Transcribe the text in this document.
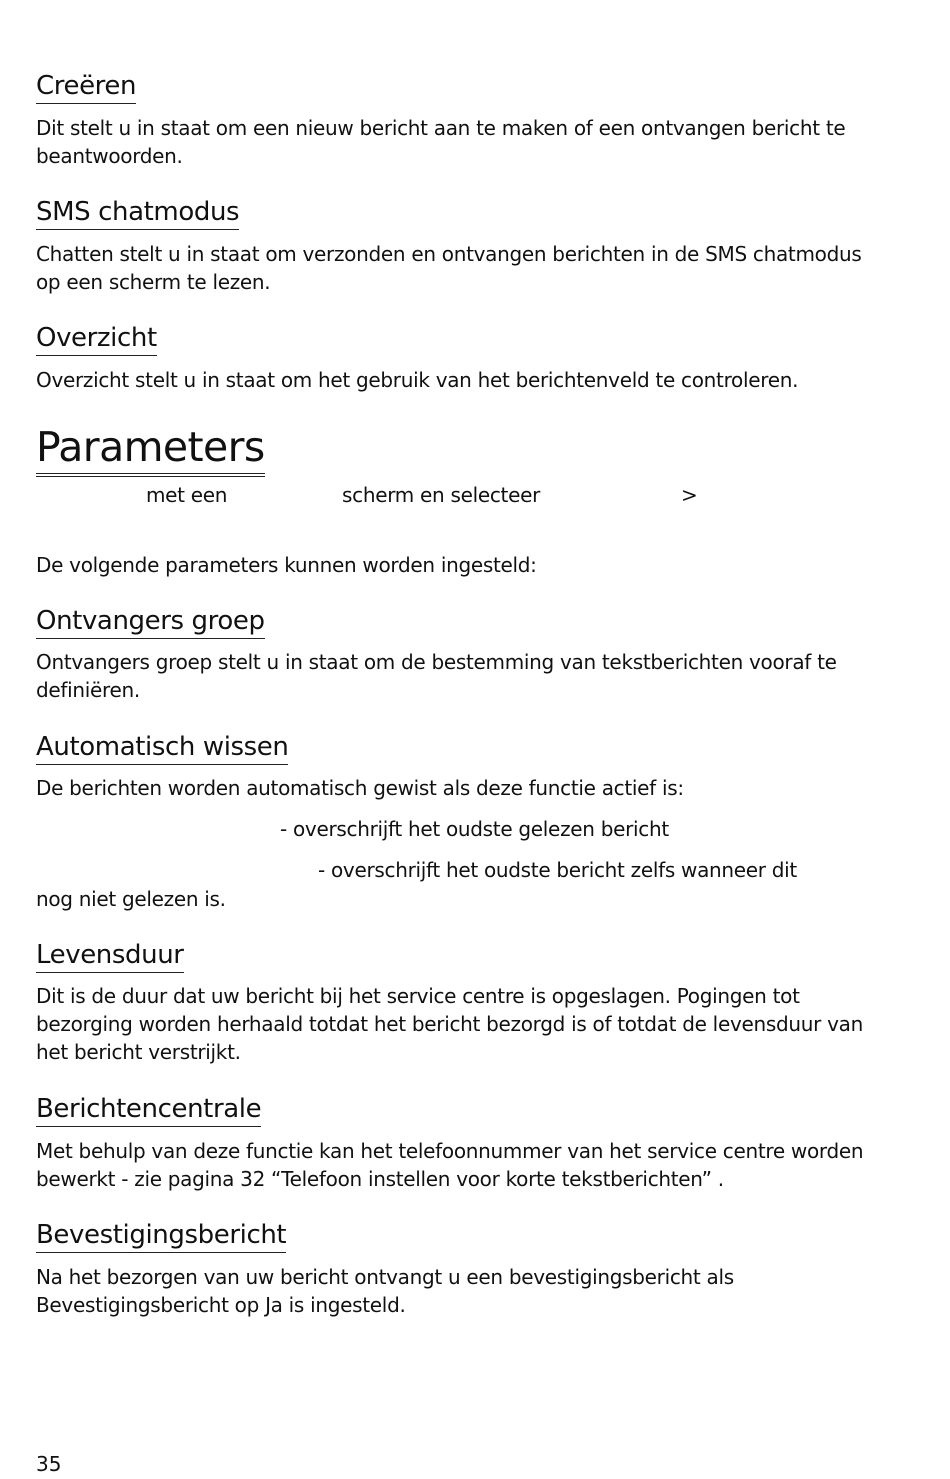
Creëren

Dit stelt u in staat om een nieuw bericht aan te maken of een ontvangen bericht te beantwoorden.

SMS chatmodus

Chatten stelt u in staat om verzonden en ontvangen berichten in de SMS chatmodus op een scherm te lezen.

Overzicht

Overzicht stelt u in staat om het gebruik van het berichtenveld te controleren.

Parameters
met een	scherm en selecteer	>

De volgende parameters kunnen worden ingesteld:

Ontvangers groep

Ontvangers groep stelt u in staat om de bestemming van tekstberichten vooraf te definiëren.

Automatisch wissen

De berichten worden automatisch gewist als deze functie actief is:

- overschrijft het oudste gelezen bericht
- overschrijft het oudste bericht zelfs wanneer dit
nog niet gelezen is.
Levensduur

Dit is de duur dat uw bericht bij het service centre is opgeslagen. Pogingen tot bezorging worden herhaald totdat het bericht bezorgd is of totdat de levensduur van het bericht verstrijkt.

Berichtencentrale

Met behulp van deze functie kan het telefoonnummer van het service centre worden bewerkt - zie pagina 32 “Telefoon instellen voor korte tekstberichten” .

Bevestigingsbericht

Na het bezorgen van uw bericht ontvangt u een bevestigingsbericht als Bevestigingsbericht op Ja is ingesteld.

35
